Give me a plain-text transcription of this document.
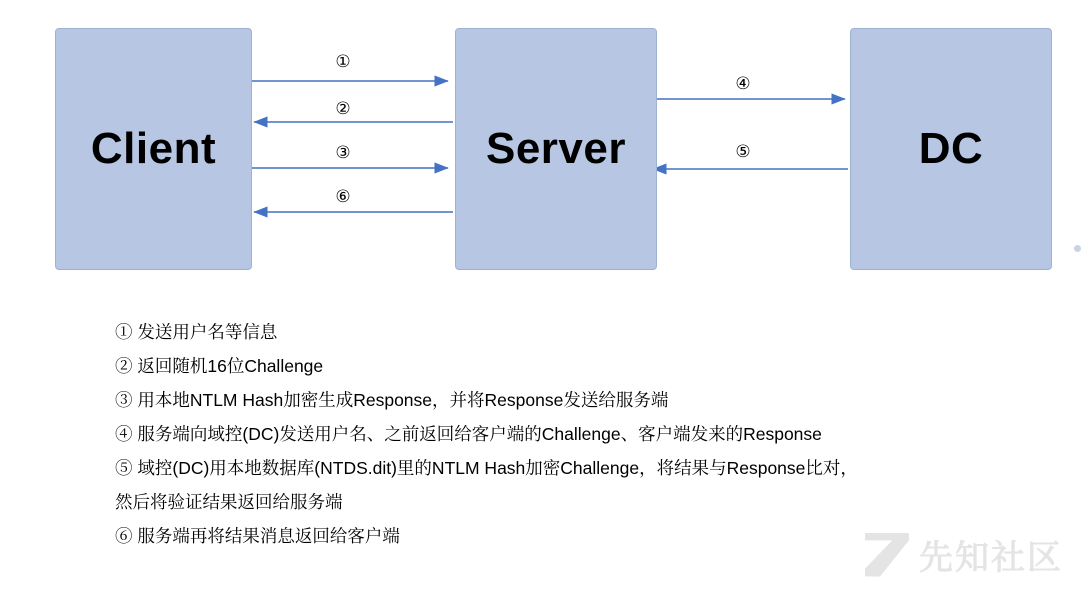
Client	Server	DC
①
②
③
④
⑤
⑥
① 发送用户名等信息
② 返回随机16位Challenge
③ 用本地NTLM Hash加密生成Response，并将Response发送给服务端
④ 服务端向域控(DC)发送用户名、之前返回给客户端的Challenge、客户端发来的Response
⑤ 域控(DC)用本地数据库(NTDS.dit)里的NTLM Hash加密Challenge，将结果与Response比对，
然后将验证结果返回给服务端
⑥ 服务端再将结果消息返回给客户端
先知社区
